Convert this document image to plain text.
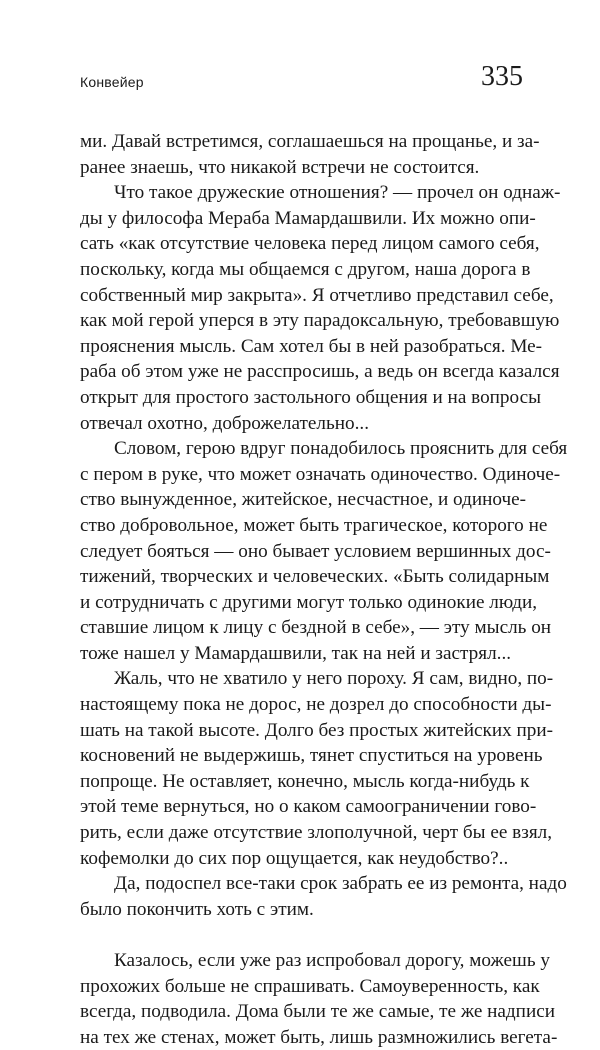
Конвейер	335
ми. Давай встретимся, соглашаешься на прощанье, и за-
ранее знаешь, что никакой встречи не состоится.
Что такое дружеские отношения? — прочел он однаж-
ды у философа Мераба Мамардашвили. Их можно опи-
сать «как отсутствие человека перед лицом самого себя,
поскольку, когда мы общаемся с другом, наша дорога в
собственный мир закрыта». Я отчетливо представил себе,
как мой герой уперся в эту парадоксальную, требовавшую
прояснения мысль. Сам хотел бы в ней разобраться. Ме-
раба об этом уже не расспросишь, а ведь он всегда казался
открыт для простого застольного общения и на вопросы
отвечал охотно, доброжелательно...
Словом, герою вдруг понадобилось прояснить для себя
с пером в руке, что может означать одиночество. Одиноче-
ство вынужденное, житейское, несчастное, и одиноче-
ство добровольное, может быть трагическое, которого не
следует бояться — оно бывает условием вершинных дос-
тижений, творческих и человеческих. «Быть солидарным
и сотрудничать с другими могут только одинокие люди,
ставшие лицом к лицу с бездной в себе», — эту мысль он
тоже нашел у Мамардашвили, так на ней и застрял...
Жаль, что не хватило у него пороху. Я сам, видно, по-
настоящему пока не дорос, не дозрел до способности ды-
шать на такой высоте. Долго без простых житейских при-
косновений не выдержишь, тянет спуститься на уровень
попроще. Не оставляет, конечно, мысль когда-нибудь к
этой теме вернуться, но о каком самоограничении гово-
рить, если даже отсутствие злополучной, черт бы ее взял,
кофемолки до сих пор ощущается, как неудобство?..
Да, подоспел все-таки срок забрать ее из ремонта, надо
было покончить хоть с этим.
Казалось, если уже раз испробовал дорогу, можешь у
прохожих больше не спрашивать. Самоуверенность, как
всегда, подводила. Дома были те же самые, те же надписи
на тех же стенах, может быть, лишь размножились вегета-
